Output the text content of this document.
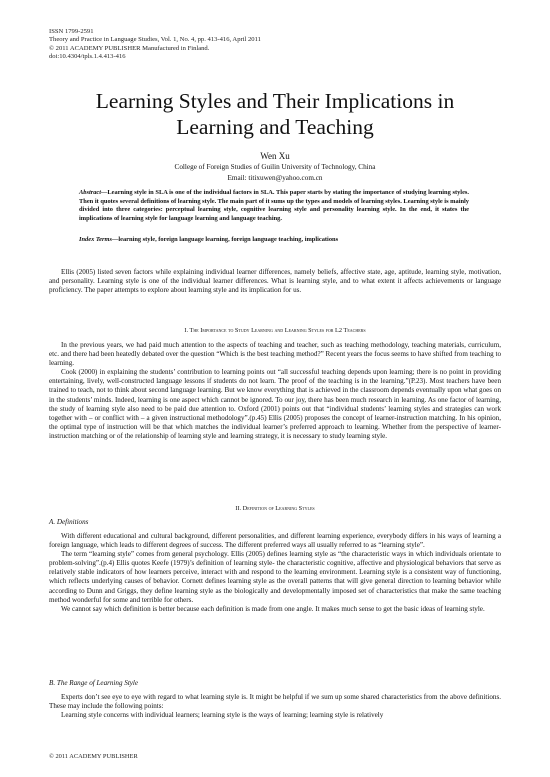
ISSN 1799-2591
Theory and Practice in Language Studies, Vol. 1, No. 4, pp. 413-416, April 2011
© 2011 ACADEMY PUBLISHER Manufactured in Finland.
doi:10.4304/tpls.1.4.413-416
Learning Styles and Their Implications in
Learning and Teaching
Wen Xu
College of Foreign Studies of Guilin University of Technology, China
Email: titixuwen@yahoo.com.cn
Abstract—Learning style in SLA is one of the individual factors in SLA. This paper starts by stating the importance of studying learning styles. Then it quotes several definitions of learning style. The main part of it sums up the types and models of learning styles. Learning style is mainly divided into three categories: perceptual learning style, cognitive learning style and personality learning style. In the end, it states the implications of learning style for language learning and language teaching.
Index Terms—learning style, foreign language learning, foreign language teaching, implications

Ellis (2005) listed seven factors while explaining individual learner differences, namely beliefs, affective state, age, aptitude, learning style, motivation, and personality. Learning style is one of the individual learner differences. What is learning style, and to what extent it affects achievements or language proficiency. The paper attempts to explore about learning style and its implication for us.

I. The Importance to Study Learning and Learning Styles for L2 Teachers

In the previous years, we had paid much attention to the aspects of teaching and teacher, such as teaching methodology, teaching materials, curriculum, etc. and there had been heatedly debated over the question “Which is the best teaching method?” Recent years the focus seems to have shifted from teaching to learning.

Cook (2000) in explaining the students’ contribution to learning points out “all successful teaching depends upon learning; there is no point in providing entertaining, lively, well-constructed language lessons if students do not learn. The proof of the teaching is in the learning.”(P.23). Most teachers have been trained to teach, not to think about second language learning. But we know everything that is achieved in the classroom depends eventually upon what goes on in the students’ minds. Indeed, learning is one aspect which cannot be ignored. To our joy, there has been much research in learning. As one factor of learning, the study of learning style also need to be paid due attention to. Oxford (2001) points out that “individual students’ learning styles and strategies can work together with – or conflict with – a given instructional methodology”.(p.45) Ellis (2005) proposes the concept of learner-instruction matching. In his opinion, the optimal type of instruction will be that which matches the individual learner’s preferred approach to learning. Whether from the perspective of learner-instruction matching or of the relationship of learning style and learning strategy, it is necessary to study learning style.

II. Definition of Learning Styles
A. Definitions

With different educational and cultural background, different personalities, and different learning experience, everybody differs in his ways of learning a foreign language, which leads to different degrees of success. The different preferred ways all usually referred to as “learning style”.

The term “learning style” comes from general psychology. Ellis (2005) defines learning style as “the characteristic ways in which individuals orientate to problem-solving”.(p.4) Ellis quotes Keefe (1979)’s definition of learning style- the characteristic cognitive, affective and physiological behaviors that serve as relatively stable indicators of how learners perceive, interact with and respond to the learning environment. Learning style is a consistent way of functioning, which reflects underlying causes of behavior. Cornett defines learning style as the overall patterns that will give general direction to learning behavior while according to Dunn and Griggs, they define learning style as the biologically and developmentally imposed set of characteristics that make the same teaching method wonderful for some and terrible for others.

We cannot say which definition is better because each definition is made from one angle. It makes much sense to get the basic ideas of learning style.

B. The Range of Learning Style

Experts don’t see eye to eye with regard to what learning style is. It might be helpful if we sum up some shared characteristics from the above definitions. These may include the following points:

Learning style concerns with individual learners; learning style is the ways of learning; learning style is relatively

© 2011 ACADEMY PUBLISHER
